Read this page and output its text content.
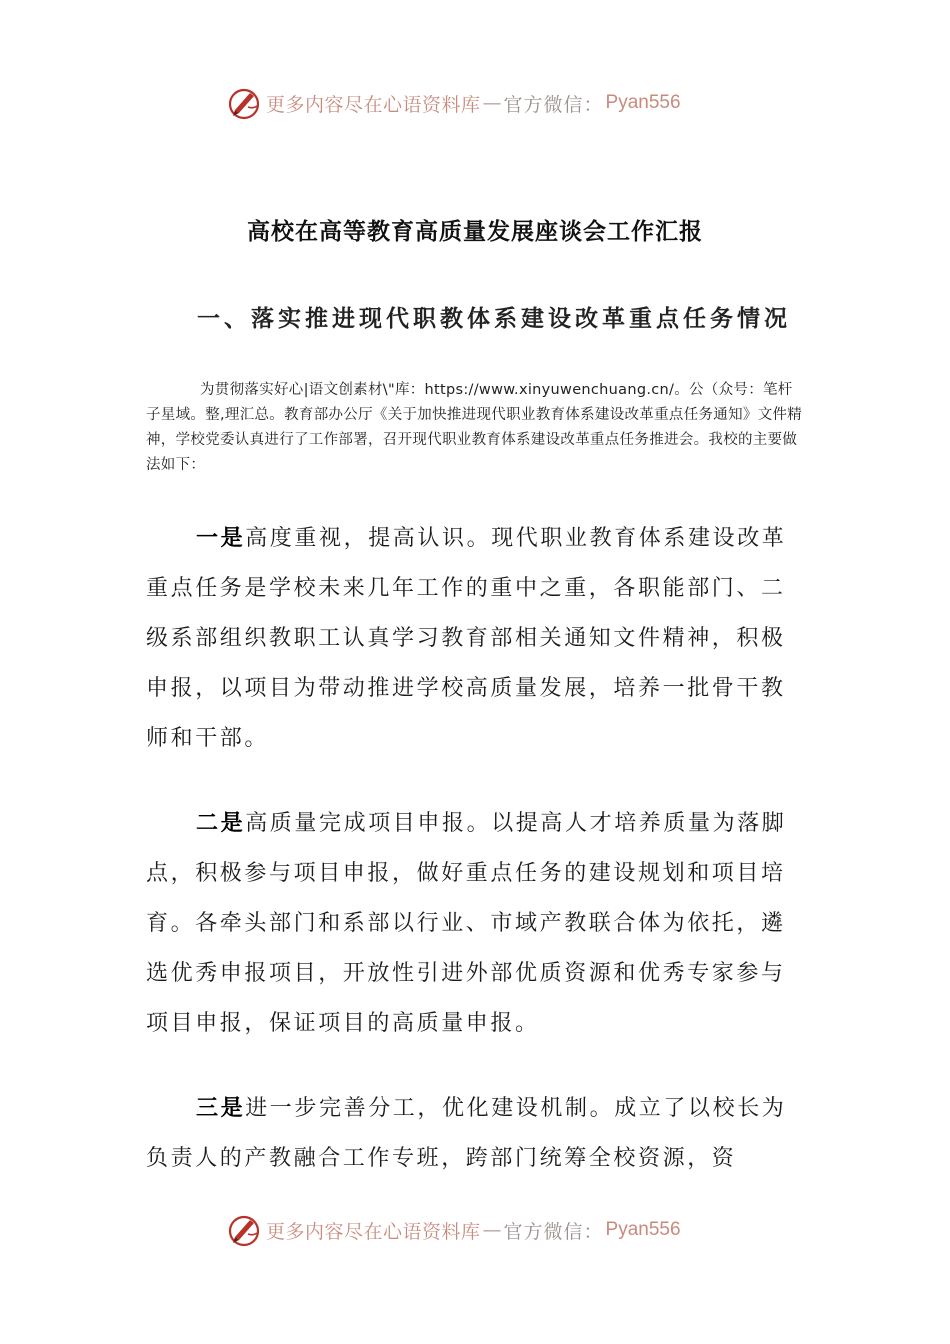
更多内容尽在心语资料库 — 官方微信： Pyan556
高校在高等教育高质量发展座谈会工作汇报
一、落实推进现代职教体系建设改革重点任务情况

为贯彻落实好心|语文创素材\"库：https://www.xinyuwenchuang.cn/。公（众号：笔杆子星域。整,理汇总。教育部办公厅《关于加快推进现代职业教育体系建设改革重点任务通知》文件精神，学校党委认真进行了工作部署，召开现代职业教育体系建设改革重点任务推进会。我校的主要做法如下：

一是高度重视，提高认识。现代职业教育体系建设改革重点任务是学校未来几年工作的重中之重，各职能部门、二级系部组织教职工认真学习教育部相关通知文件精神，积极申报，以项目为带动推进学校高质量发展，培养一批骨干教师和干部。

二是高质量完成项目申报。以提高人才培养质量为落脚点，积极参与项目申报，做好重点任务的建设规划和项目培育。各牵头部门和系部以行业、市域产教联合体为依托，遴选优秀申报项目，开放性引进外部优质资源和优秀专家参与项目申报，保证项目的高质量申报。

三是进一步完善分工，优化建设机制。成立了以校长为负责人的产教融合工作专班，跨部门统筹全校资源，资

更多内容尽在心语资料库 — 官方微信： Pyan556
